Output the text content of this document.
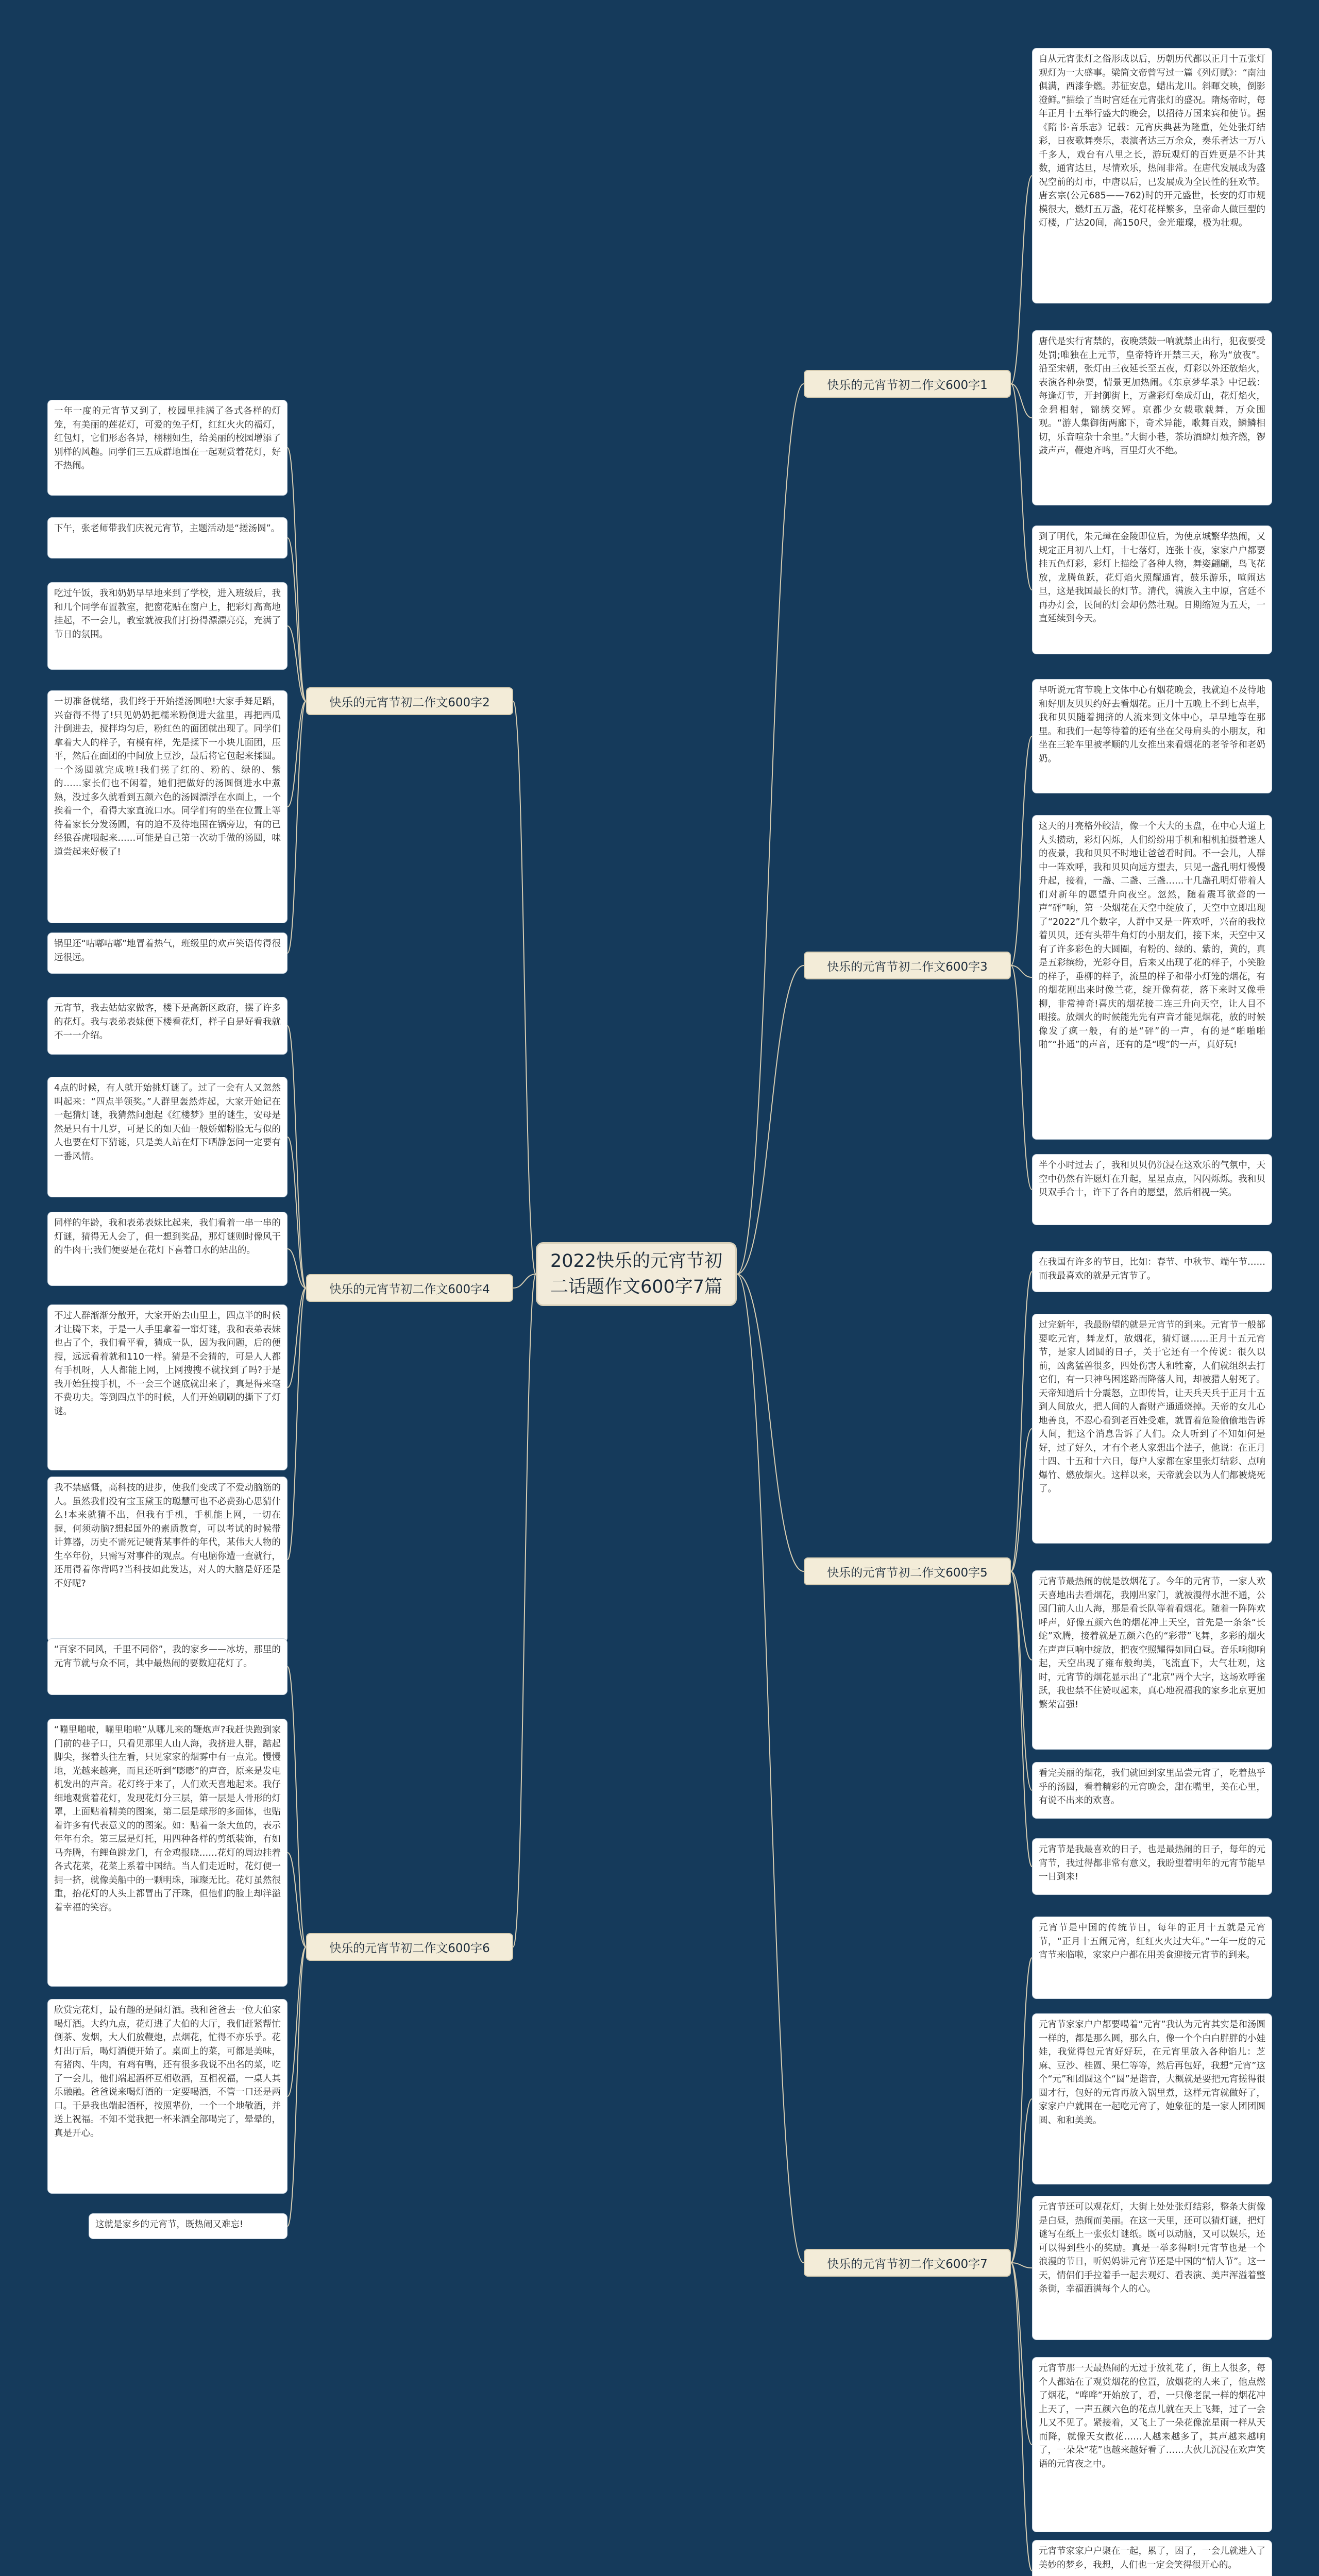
2022快乐的元宵节初二话题作文600字7篇
快乐的元宵节初二作文600字1
快乐的元宵节初二作文600字2
快乐的元宵节初二作文600字3
快乐的元宵节初二作文600字4
快乐的元宵节初二作文600字5
快乐的元宵节初二作文600字6
快乐的元宵节初二作文600字7
自从元宵张灯之俗形成以后，历朝历代都以正月十五张灯观灯为一大盛事。梁简文帝曾写过一篇《列灯赋》：“南油俱满，西漆争燃。苏征安息，蜡出龙川。斜暉交映，倒影澄鲜。”描绘了当时宫廷在元宵张灯的盛况。隋炀帝时，每年正月十五举行盛大的晚会，以招待万国来宾和使节。据《隋书·音乐志》记载：元宵庆典甚为隆重，处处张灯结彩，日夜歌舞奏乐，表演者达三万余众，奏乐者达一万八千多人，戏台有八里之长，游玩观灯的百姓更是不计其数，通宵达旦，尽情欢乐，热闹非常。在唐代发展成为盛况空前的灯市，中唐以后，已发展成为全民性的狂欢节。唐玄宗(公元685——762)时的开元盛世，长安的灯市规模很大，燃灯五万盏，花灯花样繁多，皇帝命人做巨型的灯楼，广达20间，高150尺，金光璀璨，极为壮观。
唐代是实行宵禁的，夜晚禁鼓一响就禁止出行，犯夜要受处罚;唯独在上元节，皇帝特许开禁三天，称为“放夜”。沿至宋朝，张灯由三夜延长至五夜，灯彩以外还放焰火，表演各种杂耍，情景更加热闹。《东京梦华录》中记载：每逢灯节，开封御街上，万盏彩灯垒成灯山，花灯焰火，金碧相射，锦绣交辉。京都少女载歌载舞，万众围观。“游人集御街两廊下，奇术异能，歌舞百戏，鳞鳞相切，乐音喧杂十余里。”大街小巷，茶坊酒肆灯烛齐燃，锣鼓声声，鞭炮齐鸣，百里灯火不绝。
到了明代，朱元璋在金陵即位后，为使京城繁华热闹，又规定正月初八上灯，十七落灯，连张十夜，家家户户都要挂五色灯彩，彩灯上描绘了各种人物，舞姿翩翩，鸟飞花放，龙腾鱼跃，花灯焰火照耀通宵，鼓乐游乐，喧闹达旦，这是我国最长的灯节。清代，满族入主中原，宫廷不再办灯会，民间的灯会却仍然壮观。日期缩短为五天，一直延续到今天。
一年一度的元宵节又到了，校园里挂满了各式各样的灯笼，有美丽的莲花灯，可爱的兔子灯，红红火火的福灯，红包灯，它们形态各异，栩栩如生，给美丽的校园增添了别样的风趣。同学们三五成群地围在一起观赏着花灯，好不热闹。
下午，张老师带我们庆祝元宵节，主题活动是“搓汤圆”。
吃过午饭，我和奶奶早早地来到了学校，进入班级后，我和几个同学布置教室，把窗花贴在窗户上，把彩灯高高地挂起，不一会儿，教室就被我们打扮得漂漂亮亮，充满了节日的氛围。
一切准备就绪，我们终于开始搓汤圆啦!大家手舞足蹈，兴奋得不得了!只见奶奶把糯米粉倒进大盆里，再把西瓜汁倒进去，搅拌均匀后，粉红色的面团就出现了。同学们拿着大人的样子，有模有样，先是揉下一小块儿面团，压平，然后在面团的中间放上豆沙，最后将它包起来揉圆。一个汤圆就完成啦!我们搓了红的、粉的、绿的、紫的……家长们也不闲着，她们把做好的汤圆倒进水中煮熟，没过多久就看到五颜六色的汤圆漂浮在水面上，一个挨着一个，看得大家直流口水。同学们有的坐在位置上等待着家长分发汤圆，有的迫不及待地围在锅旁边，有的已经狼吞虎咽起来……可能是自己第一次动手做的汤圆，味道尝起来好极了!
锅里还“咕嘟咕嘟”地冒着热气，班级里的欢声笑语传得很远很远。
早听说元宵节晚上文体中心有烟花晚会，我就迫不及待地和好朋友贝贝约好去看烟花。正月十五晚上不到七点半，我和贝贝随着拥挤的人流来到文体中心，早早地等在那里。和我们一起等待着的还有坐在父母肩头的小朋友，和坐在三轮车里被孝顺的儿女推出来看烟花的老爷爷和老奶奶。
这天的月亮格外皎洁，像一个大大的玉盘，在中心大道上人头攒动，彩灯闪烁，人们纷纷用手机和相机拍摄着迷人的夜景，我和贝贝不时地让爸爸看时间。不一会儿，人群中一阵欢呼，我和贝贝向远方望去，只见一盏孔明灯慢慢升起，接着，一盏、二盏、三盏……十几盏孔明灯带着人们对新年的愿望升向夜空。忽然，随着震耳欲聋的一声“砰”响，第一朵烟花在天空中绽放了，天空中立即出现了“2022”几个数字，人群中又是一阵欢呼，兴奋的我拉着贝贝，还有头带牛角灯的小朋友们，接下来，天空中又有了许多彩色的大圆圈，有粉的、绿的、紫的，黄的，真是五彩缤纷，光彩夺目，后来又出现了花的样子，小笑脸的样子，垂柳的样子，流星的样子和带小灯笼的烟花，有的烟花刚出来时像兰花，绽开像荷花，落下来时又像垂柳，非常神奇!喜庆的烟花接二连三升向天空，让人目不暇接。放烟火的时候能先先有声音才能见烟花，放的时候像发了疯一般，有的是“砰”的一声，有的是“啪啪啪啪”“扑通”的声音，还有的是“嗖”的一声，真好玩!
半个小时过去了，我和贝贝仍沉浸在这欢乐的气氛中，天空中仍然有许愿灯在升起，星星点点，闪闪烁烁。我和贝贝双手合十，许下了各自的愿望，然后相视一笑。
元宵节，我去姑姑家做客，楼下是高新区政府，摆了许多的花灯。我与表弟表妹便下楼看花灯，样子自是好看我就不一一介绍。
4点的时候，有人就开始挑灯谜了。过了一会有人又忽然叫起来：“四点半领奖。”人群里轰然炸起，大家开始记在一起猜灯谜，我猜然问想起《红楼梦》里的谜生，安母是然是只有十几岁，可是长的如天仙一般娇媚粉脸无与似的人也要在灯下猜谜，只是美人站在灯下晒静怎问一定要有一番风情。
同样的年龄，我和表弟表妹比起来，我们看着一串一串的灯谜，猜得无人会了，但一想到奖品，那灯谜则时像风干的牛肉干;我们便要是在花灯下喜着口水的站出的。
不过人群渐渐分散开，大家开始去山里上，四点半的时候才让腾下来，于是一人手里拿着一窜灯谜，我和表弟表妹也占了个，我们看平看，猜成一队，因为我问题，后的便搜，远远看着就和110一样。猜是不会猜的，可是人人都有手机呀，人人都能上网，上网搜搜不就找到了吗?于是我开始狂搜手机，不一会三个谜底就出来了，真是得来毫不费功夫。等到四点半的时候，人们开始刷刷的撕下了灯谜。
我不禁感慨，高科技的进步，使我们变成了不爱动脑筋的人。虽然我们没有宝玉黛玉的聪慧可也不必费劲心思猜什么!本来就猜不出，但我有手机，手机能上网，一切在握，何须动脑?想起国外的素质教育，可以考试的时候带计算器，历史不需死记硬背某事件的年代，某伟大人物的生卒年份，只需写对事件的观点。有电脑你遭一查就行，还用得着你背吗?当科技如此发达，对人的大脑是好还是不好呢?
在我国有许多的节日，比如：春节、中秋节、端午节……而我最喜欢的就是元宵节了。
过完新年，我最盼望的就是元宵节的到来。元宵节一般都要吃元宵，舞龙灯，放烟花，猜灯谜……正月十五元宵节，是家人团圆的日子，关于它还有一个传说：很久以前，凶禽猛兽很多，四处伤害人和牲畜，人们就组织去打它们，有一只神鸟困迷路而降落人间，却被猎人射死了。天帝知道后十分震怒，立即传旨，让天兵天兵于正月十五到人间放火，把人间的人畜财产通通烧掉。天帝的女儿心地善良，不忍心看到老百姓受难，就冒着危险偷偷地告诉人间，把这个消息告诉了人们。众人听到了不知如何是好，过了好久，才有个老人家想出个法子，他说：在正月十四、十五和十六日，每户人家都在家里张灯结彩、点响爆竹、燃放烟火。这样以来，天帝就会以为人们都被烧死了。
元宵节最热闹的就是放烟花了。今年的元宵节，一家人欢天喜地出去看烟花，我刚出家门，就被漫得水泄不通，公园门前人山人海，那是看长队等着看烟花。随着一阵阵欢呼声，好像五颜六色的烟花冲上天空，首先是一条条“长蛇”欢腾，接着就是五颜六色的“彩带”飞舞，多彩的烟火在声声巨响中绽放，把夜空照耀得如同白昼。音乐响彻响起，天空出现了雍布般绚美，飞流直下，大气壮观，这时，元宵节的烟花显示出了“北京”两个大字，这场欢呼雀跃，我也禁不住赞叹起来，真心地祝福我的家乡北京更加繁荣富强!
看完美丽的烟花，我们就回到家里品尝元宵了，吃着热乎乎的汤圆，看着精彩的元宵晚会，甜在嘴里，美在心里，有说不出来的欢喜。
元宵节是我最喜欢的日子，也是最热闹的日子，每年的元宵节，我过得都非常有意义，我盼望着明年的元宵节能早一日到来!
“百家不同风，千里不同俗”，我的家乡——冰坊，那里的元宵节就与众不同，其中最热闹的要数迎花灯了。
“嘣里啪啦，嘣里啪啦”从哪儿来的鞭炮声?我赶快跑到家门前的巷子口，只看见那里人山人海，我挤进人群，踮起脚尖，探着头往左看，只见家家的烟雾中有一点光。慢慢地，光越来越亮，而且还听到“嘭嘭”的声音，原来是发电机发出的声音。花灯终于来了，人们欢天喜地起来。我仔细地观赏着花灯，发现花灯分三层，第一层是人骨形的灯罩，上面贴着精美的图案，第二层是球形的多面体，也贴着许多有代表意义的的图案。如：贴着一条大鱼的，表示年年有余。第三层是灯托，用四种各样的剪纸装饰，有如马奔腾，有鲤鱼跳龙门，有金鸡报晓……花灯的周边挂着各式花菜，花菜上系着中国结。当人们走近时，花灯便一拥一挤，就像美船中的一颗明珠，璀璨无比。花灯虽然很重，抬花灯的人头上都冒出了汗珠，但他们的脸上却洋溢着幸福的笑容。
欣赏完花灯，最有趣的是闹灯酒。我和爸爸去一位大伯家喝灯酒。大约九点，花灯进了大伯的大厅，我们赶紧帮忙倒茶、发烟，大人们放鞭炮，点烟花，忙得不亦乐乎。花灯出厅后，喝灯酒便开始了。桌面上的菜，可都是美味，有猪肉、牛肉，有鸡有鸭，还有很多我说不出名的菜，吃了一会儿，他们端起酒杯互相敬酒，互相祝福，一桌人其乐融融。爸爸说来喝灯酒的一定要喝酒，不管一口还是两口。于是我也端起酒杯，按照辈份，一个一个地敬酒，并送上祝福。不知不觉我把一杯米酒全部喝完了，晕晕的，真是开心。
这就是家乡的元宵节，既热闹又难忘!
元宵节是中国的传统节日，每年的正月十五就是元宵节，“正月十五闹元宵，红红火火过大年。”一年一度的元宵节来临啦，家家户户都在用美食迎接元宵节的到来。
元宵节家家户户都要喝着“元宵”我认为元宵其实是和汤圆一样的，都是那么圆，那么白，像一个个白白胖胖的小娃娃，我觉得包元宵好好玩，在元宵里放入各种馅儿：芝麻、豆沙、桂圆、果仁等等，然后再包好，我想“元宵”这个“元”和团圆这个“圆”是谐音，大概就是要把元宵搓得很圆才行，包好的元宵再放入锅里煮，这样元宵就做好了，家家户户就围在一起吃元宵了，她象征的是一家人团团圆圆、和和美美。
元宵节还可以观花灯，大街上处处张灯结彩，整条大街像是白昼，热闹而美丽。在这一天里，还可以猜灯谜，把灯谜写在纸上一张张灯谜纸。既可以动脑，又可以娱乐，还可以得到些小的奖励。真是一举多得啊!元宵节也是一个浪漫的节日，听妈妈讲元宵节还是中国的“情人节”。这一天，情侣们手拉着手一起去观灯、看表演、美声浑溢着整条街，幸福洒满每个人的心。
元宵节那一天最热闹的无过于放礼花了，街上人很多，每个人都站在了观赏烟花的位置，放烟花的人来了，他点燃了烟花，“哗哗”开始放了，看，一只像老鼠一样的烟花冲上天了，一声五颜六色的花点儿就在天上飞舞，过了一会儿又不见了。紧接着，又飞上了一朵花像流星雨一样从天而降，就像天女散花……人越来越多了，其声越来越响了，一朵朵“花”也越来越好看了……大伙儿沉浸在欢声笑语的元宵夜之中。
元宵节家家户户聚在一起，累了，困了，一会儿就进入了美妙的梦乡，我想，人们也一定会笑得很开心的。
